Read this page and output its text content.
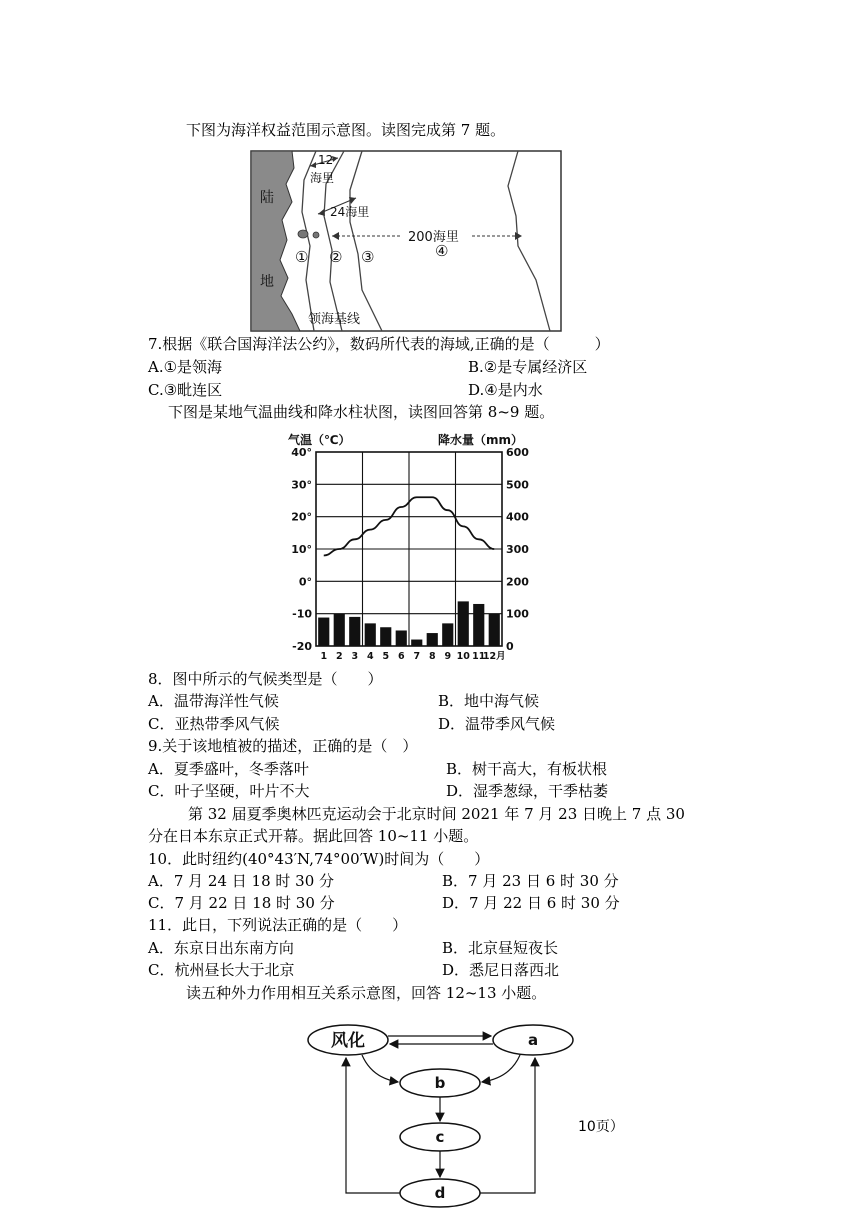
下图为海洋权益范围示意图。读图完成第 7 题。
陆
地
12
海里
24海里
200海里
① ② ③	④
领海基线
7.根据《联合国海洋法公约》，数码所代表的海域,正确的是（　　　）
A.①是领海	B.②是专属经济区
C.③毗连区	D.④是内水
下图是某地气温曲线和降水柱状图，读图回答第 8~9 题。
气温（℃）	降水量（mm）
40°	600
30°	500
20°	400
10°	300
0°	200
-10	100
-20	0
1 2 3 4 5 6 7 8 9 10 11
12月
8．图中所示的气候类型是（　　）
A．温带海洋性气候	B．地中海气候
C．亚热带季风气候	D．温带季风气候
9.关于该地植被的描述，正确的是（　）
A．夏季盛叶，冬季落叶	B．树干高大，有板状根
C．叶子坚硬，叶片不大	D．湿季葱绿，干季枯萎
第 32 届夏季奥林匹克运动会于北京时间 2021 年 7 月 23 日晚上 7 点 30
分在日本东京正式开幕。据此回答 10~11 小题。
10．此时纽约(40°43′N,74°00′W)时间为（　　）
A．7 月 24 日 18 时 30 分	B．7 月 23 日 6 时 30 分
C．7 月 22 日 18 时 30 分	D．7 月 22 日 6 时 30 分
11．此日，下列说法正确的是（　　）
A．东京日出东南方向	B．北京昼短夜长
C．杭州昼长大于北京	D．悉尼日落西北
读五种外力作用相互关系示意图，回答 12~13 小题。
风化	a
b
c
d
10页）
